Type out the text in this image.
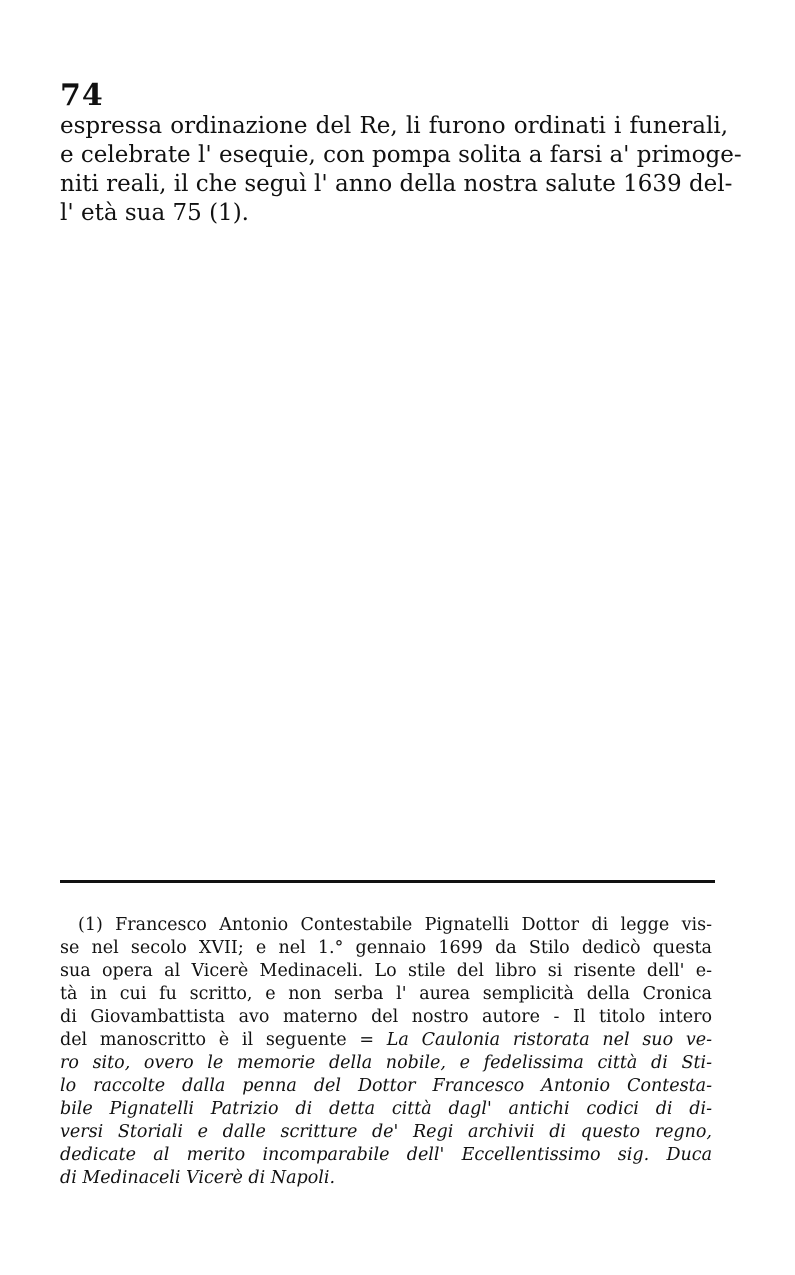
74
espressa ordinazione del Re, li furono ordinati i funerali,
e celebrate l' esequie, con pompa solita a farsi a' primoge-
niti reali, il che seguì l' anno della nostra salute 1639 del-
l' età sua 75 (1).
(1) Francesco Antonio Contestabile Pignatelli Dottor di legge vis-
se nel secolo XVII; e nel 1.° gennaio 1699 da Stilo dedicò questa
sua opera al Vicerè Medinaceli. Lo stile del libro si risente dell' e-
tà in cui fu scritto, e non serba l' aurea semplicità della Cronica
di Giovambattista avo materno del nostro autore - Il titolo intero
del manoscritto è il seguente = La Caulonia ristorata nel suo ve-
ro sito, overo le memorie della nobile, e fedelissima città di Sti-
lo raccolte dalla penna del Dottor Francesco Antonio Contesta-
bile Pignatelli Patrizio di detta città dagl' antichi codici di di-
versi Storiali e dalle scritture de' Regi archivii di questo regno,
dedicate al merito incomparabile dell' Eccellentissimo sig. Duca
di Medinaceli Vicerè di Napoli.
